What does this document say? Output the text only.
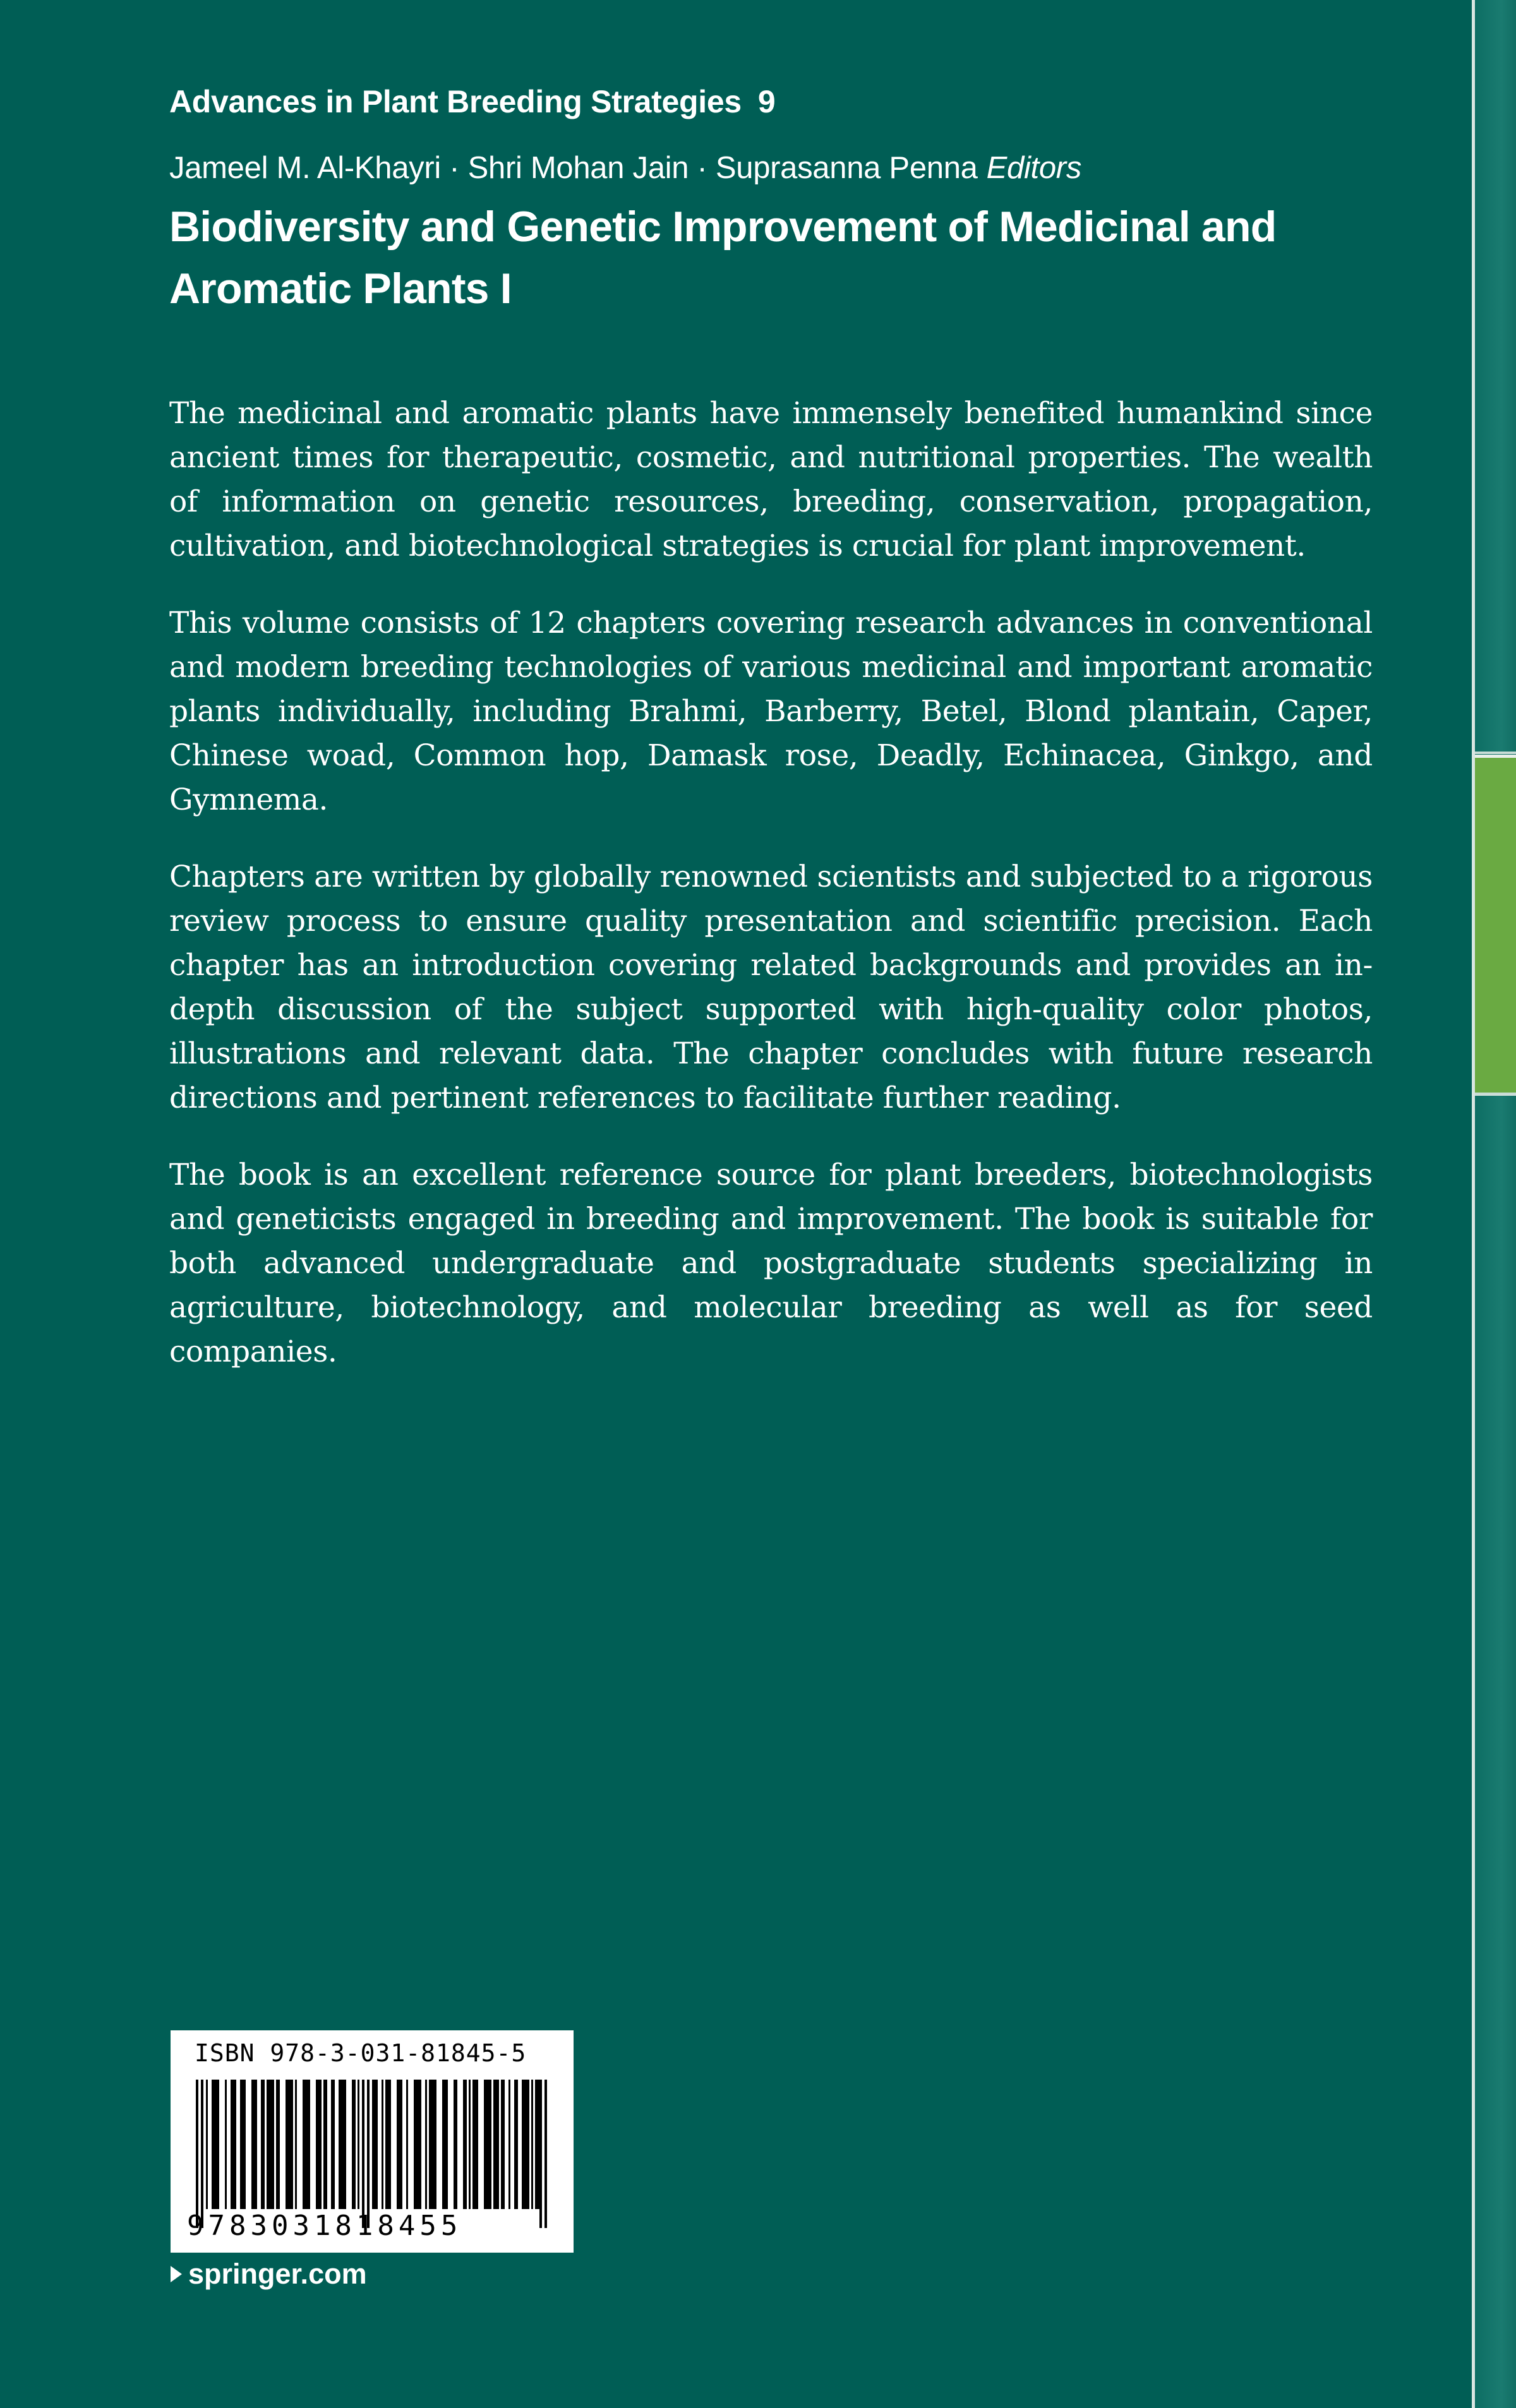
Advances in Plant Breeding Strategies 9
Jameel M. Al-Khayri · Shri Mohan Jain · Suprasanna Penna Editors
Biodiversity and Genetic Improvement of Medicinal and Aromatic Plants I

The medicinal and aromatic plants have immensely benefited humankind since ancient times for therapeutic, cosmetic, and nutritional properties. The wealth of information on genetic resources, breeding, conservation, propagation, cultivation, and biotechnological strategies is crucial for plant improvement.

This volume consists of 12 chapters covering research advances in conventional and modern breeding technologies of various medicinal and important aromatic plants individually, including Brahmi, Barberry, Betel, Blond plantain, Caper, Chinese woad, Common hop, Damask rose, Deadly, Echinacea, Ginkgo, and Gymnema.

Chapters are written by globally renowned scientists and subjected to a rigorous review process to ensure quality presentation and scientific precision. Each chapter has an introduction covering related backgrounds and provides an in-depth discussion of the subject supported with high-quality color photos, illustrations and relevant data. The chapter concludes with future research directions and pertinent references to facilitate further reading.

The book is an excellent reference source for plant breeders, biotechnologists and geneticists engaged in breeding and improvement. The book is suitable for both advanced undergraduate and postgraduate students specializing in agriculture, biotechnology, and molecular breeding as well as for seed companies.

ISBN 978-3-031-81845-5
9783031818455
springer.com
